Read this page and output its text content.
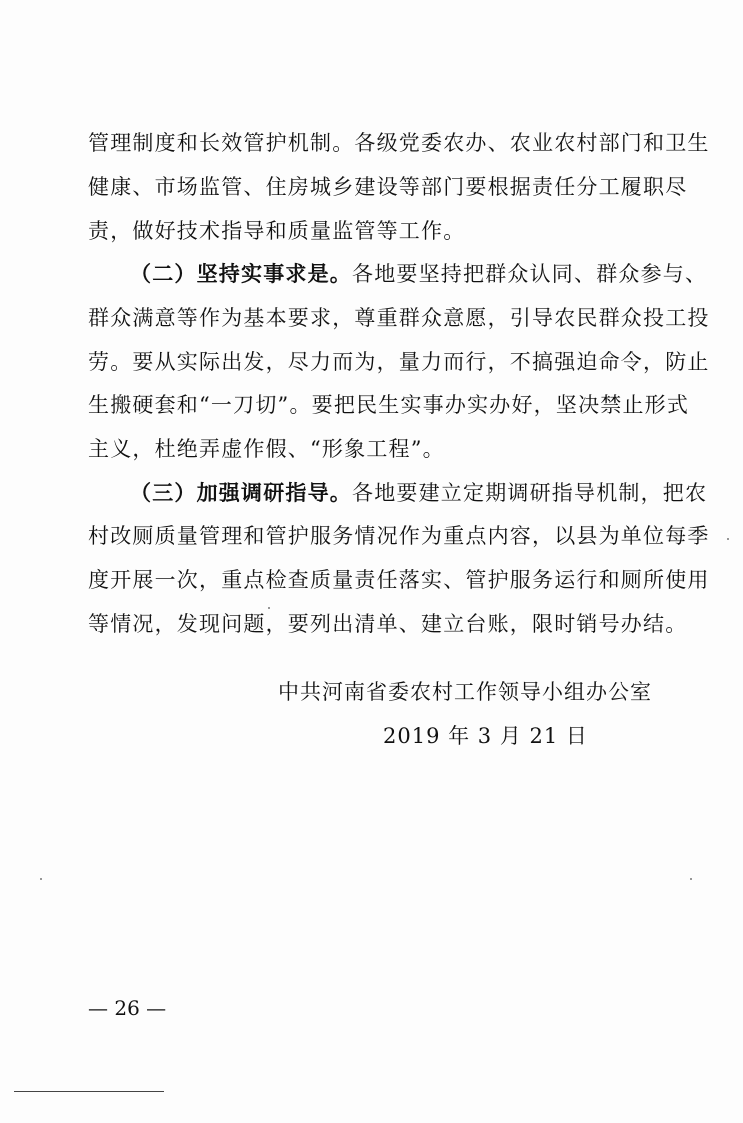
管理制度和长效管护机制。各级党委农办、农业农村部门和卫生
健康、市场监管、住房城乡建设等部门要根据责任分工履职尽
责，做好技术指导和质量监管等工作。
（二）坚持实事求是。各地要坚持把群众认同、群众参与、
群众满意等作为基本要求，尊重群众意愿，引导农民群众投工投
劳。要从实际出发，尽力而为，量力而行，不搞强迫命令，防止
生搬硬套和“一刀切”。要把民生实事办实办好，坚决禁止形式
主义，杜绝弄虚作假、“形象工程”。
（三）加强调研指导。各地要建立定期调研指导机制，把农
村改厕质量管理和管护服务情况作为重点内容，以县为单位每季
度开展一次，重点检查质量责任落实、管护服务运行和厕所使用
等情况，发现问题，要列出清单、建立台账，限时销号办结。
中共河南省委农村工作领导小组办公室
2019 年 3 月 21 日
— 26 —
